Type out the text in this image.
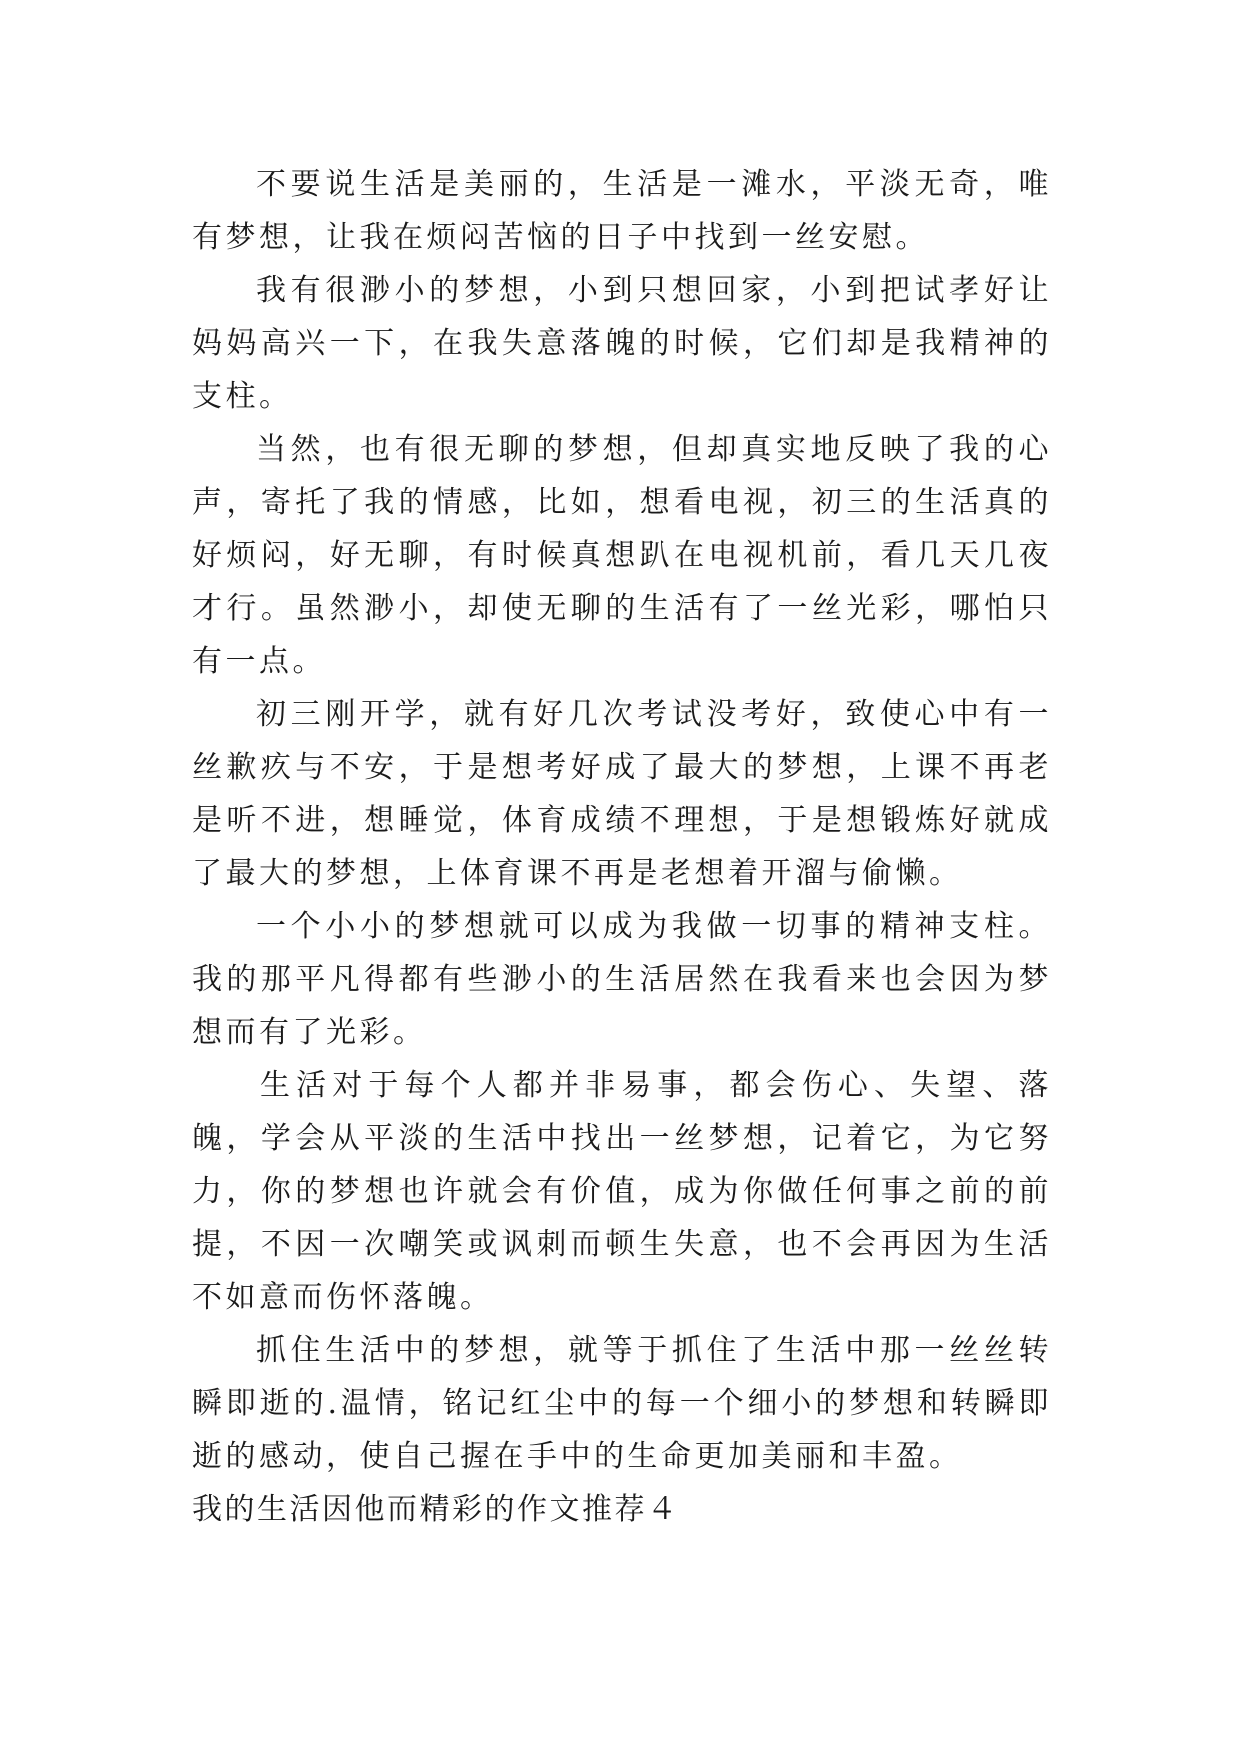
不要说生活是美丽的，生活是一滩水，平淡无奇，唯有梦想，让我在烦闷苦恼的日子中找到一丝安慰。

我有很渺小的梦想，小到只想回家，小到把试孝好让妈妈高兴一下，在我失意落魄的时候，它们却是我精神的支柱。

当然，也有很无聊的梦想，但却真实地反映了我的心声，寄托了我的情感，比如，想看电视，初三的生活真的好烦闷，好无聊，有时候真想趴在电视机前，看几天几夜才行。虽然渺小，却使无聊的生活有了一丝光彩，哪怕只有一点。

初三刚开学，就有好几次考试没考好，致使心中有一丝歉疚与不安，于是想考好成了最大的梦想，上课不再老是听不进，想睡觉，体育成绩不理想，于是想锻炼好就成了最大的梦想，上体育课不再是老想着开溜与偷懒。

一个小小的梦想就可以成为我做一切事的精神支柱。我的那平凡得都有些渺小的生活居然在我看来也会因为梦想而有了光彩。

生活对于每个人都并非易事，都会伤心、失望、落魄，学会从平淡的生活中找出一丝梦想，记着它，为它努力，你的梦想也许就会有价值，成为你做任何事之前的前提，不因一次嘲笑或讽刺而顿生失意，也不会再因为生活不如意而伤怀落魄。

抓住生活中的梦想，就等于抓住了生活中那一丝丝转瞬即逝的.温情，铭记红尘中的每一个细小的梦想和转瞬即逝的感动，使自己握在手中的生命更加美丽和丰盈。

我的生活因他而精彩的作文推荐４
